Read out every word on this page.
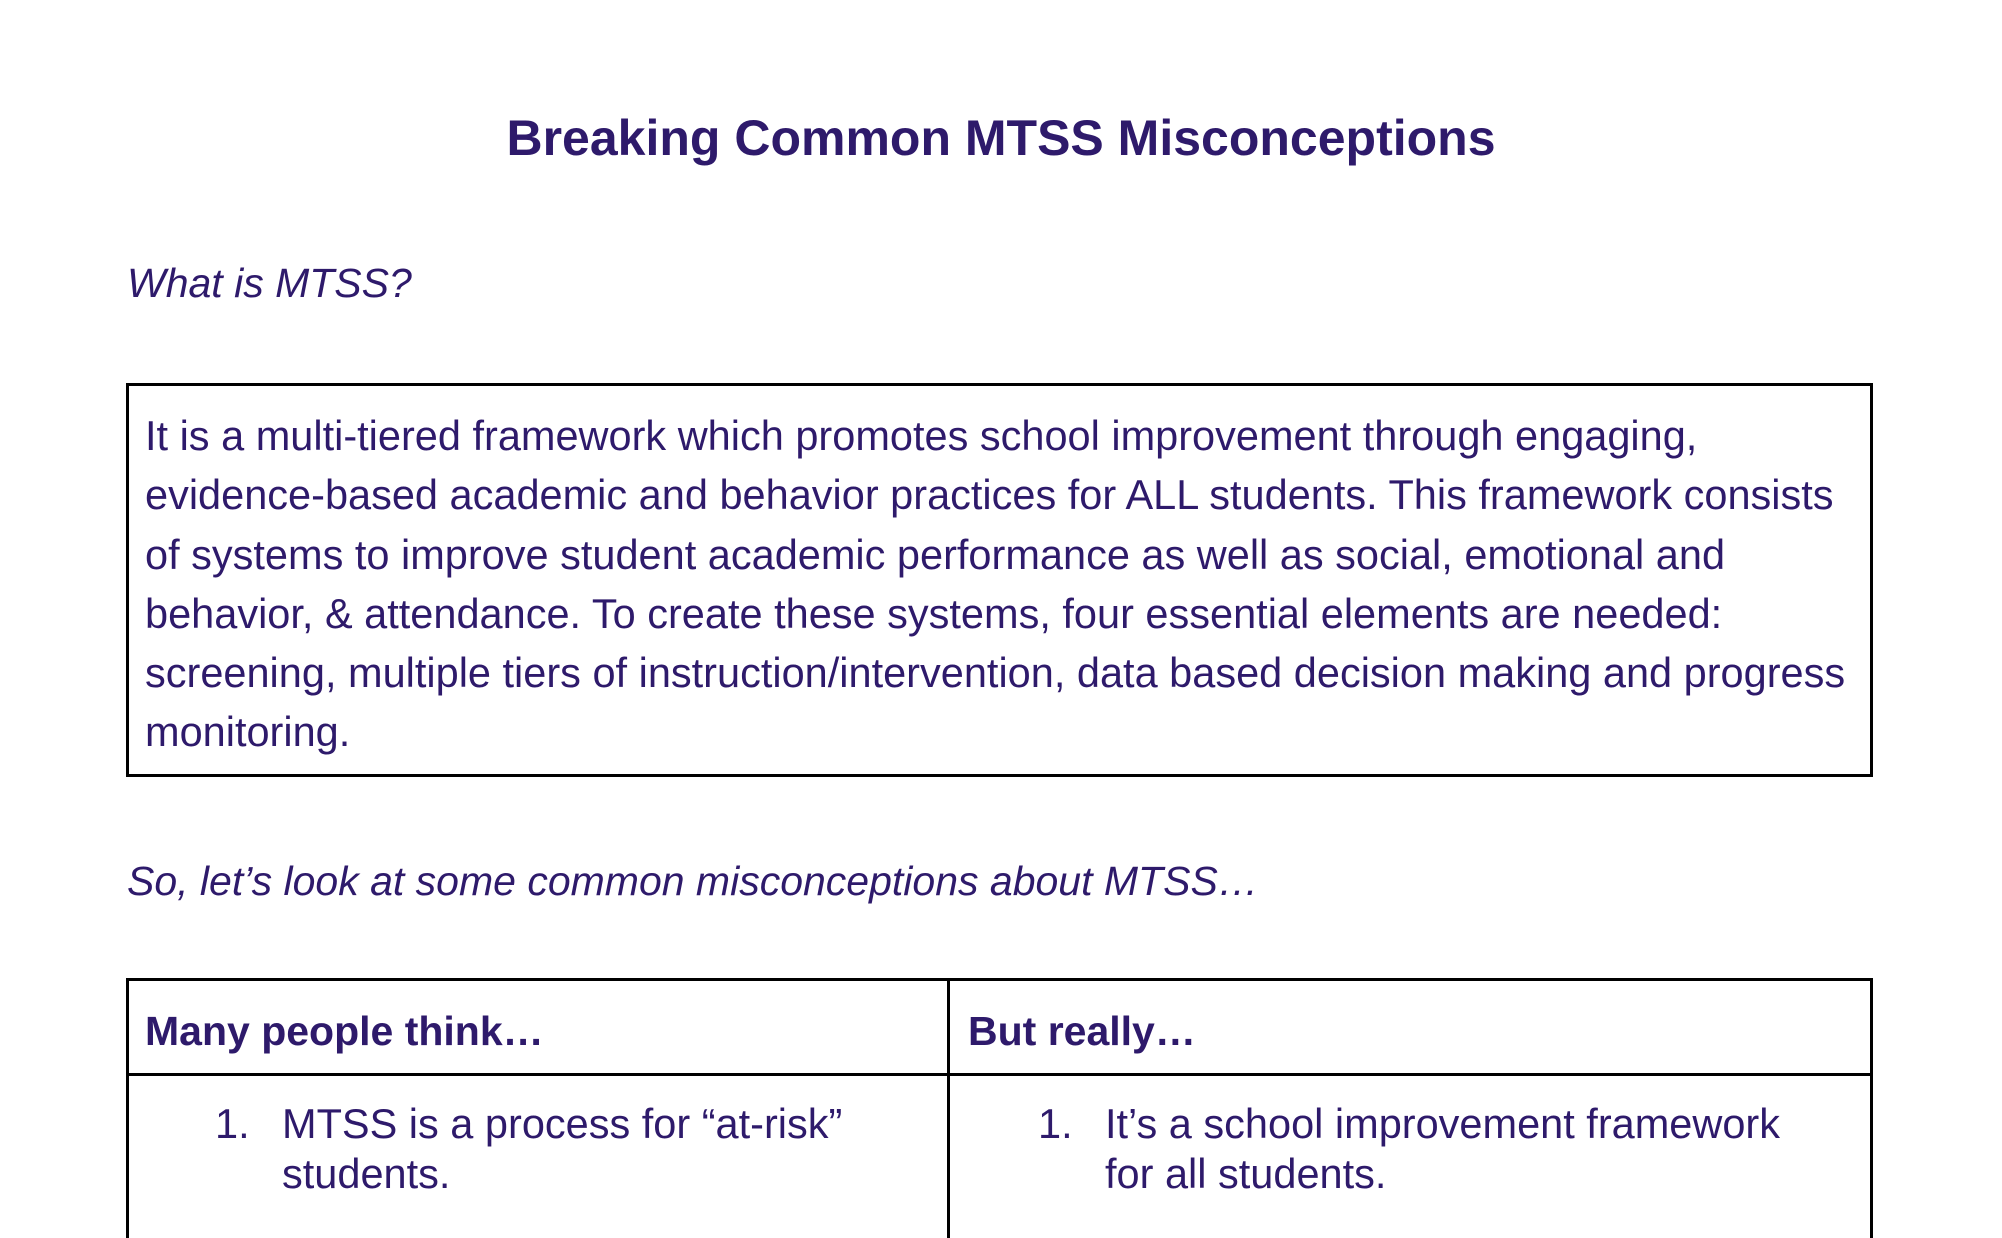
Breaking Common MTSS Misconceptions

What is MTSS?

It is a multi-tiered framework which promotes school improvement through engaging, evidence-based academic and behavior practices for ALL students. This framework consists of systems to improve student academic performance as well as social, emotional and behavior, & attendance. To create these systems, four essential elements are needed: screening, multiple tiers of instruction/intervention, data based decision making and progress monitoring.

So, let’s look at some common misconceptions about MTSS…

Many people think…	But really…
1. MTSS is a process for “at-risk” students.
1. It’s a school improvement framework for all students.
